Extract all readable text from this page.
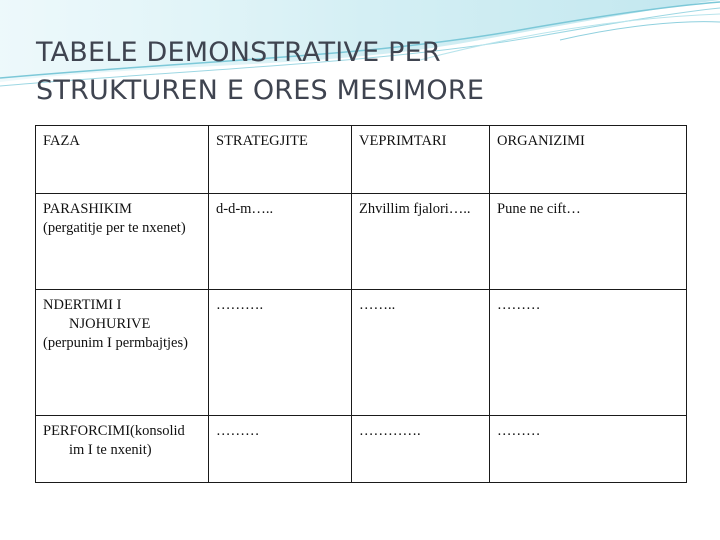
TABELE DEMONSTRATIVE PER
STRUKTUREN E ORES MESIMORE
FAZA	STRATEGJITE	VEPRIMTARI	ORGANIZIMI

PARASHIKIM
(pergatitje per te nxenet)	d-d-m…..	Zhvillim fjalori…..	Pune ne cift…

NDERTIMI I
NJOHURIVE
(perpunim I permbajtjes)	……….	……..	………

PERFORCIMI(konsolid
im I te nxenit)	………	………….	………
